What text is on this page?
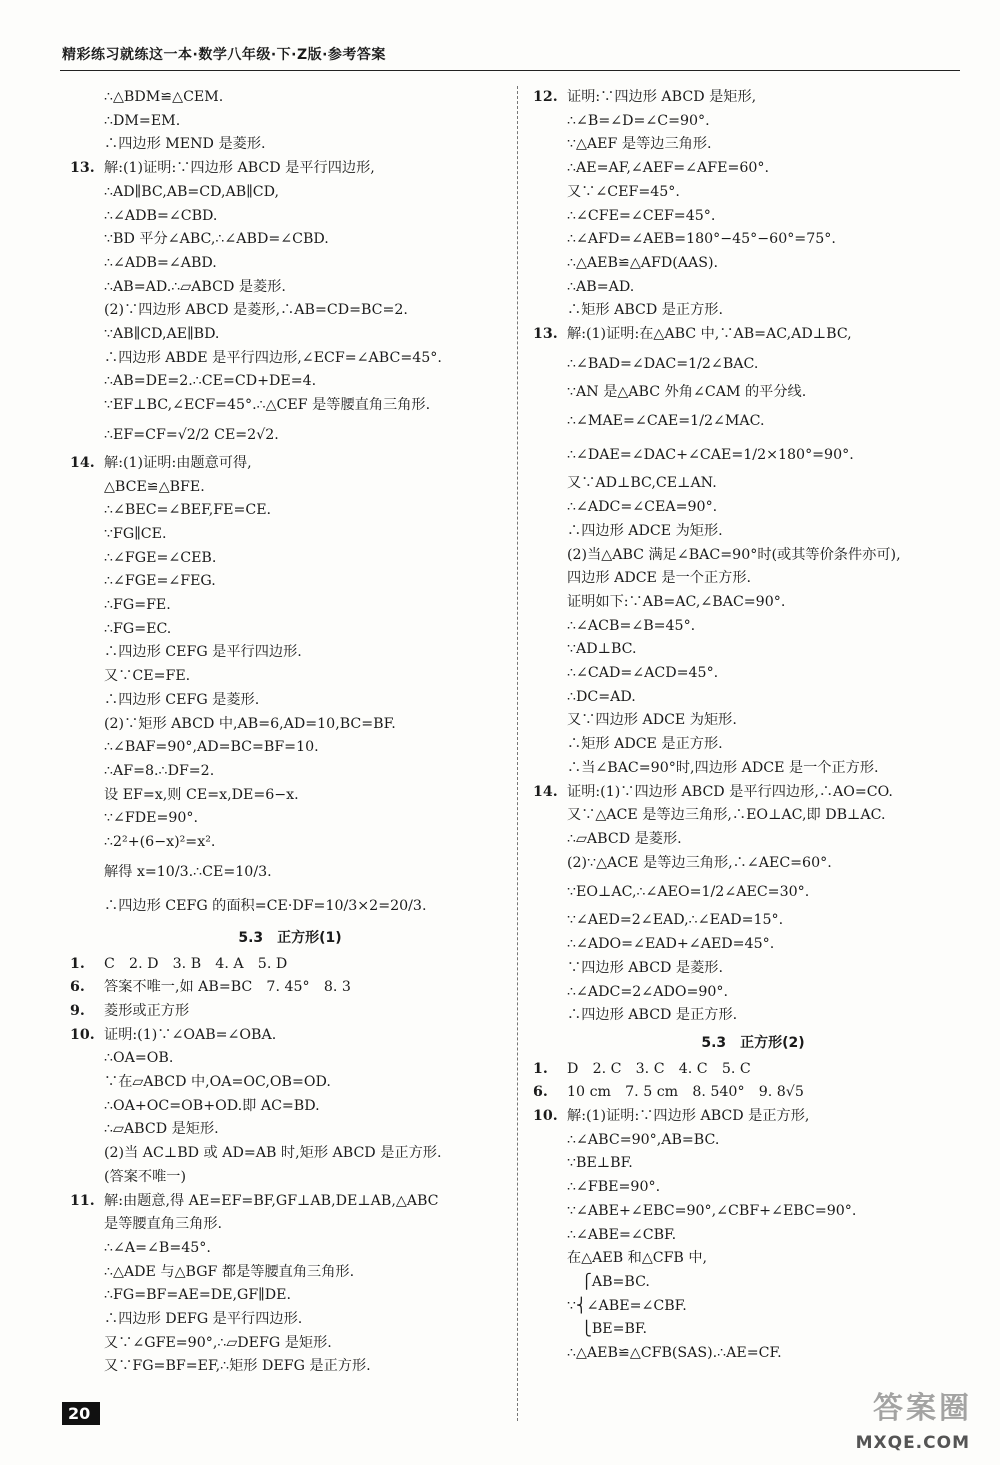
精彩练习就练这一本·数学八年级·下·Z版·参考答案
∴△BDM≌△CEM.
∴DM=EM.
∴四边形 MEND 是菱形.
13. 解:(1)证明:∵四边形 ABCD 是平行四边形,
∴AD∥BC,AB=CD,AB∥CD,
∴∠ADB=∠CBD.
∵BD 平分∠ABC,∴∠ABD=∠CBD.
∴∠ADB=∠ABD.
∴AB=AD.∴▱ABCD 是菱形.
(2)∵四边形 ABCD 是菱形,∴AB=CD=BC=2.
∵AB∥CD,AE∥BD.
∴四边形 ABDE 是平行四边形,∠ECF=∠ABC=45°.
∴AB=DE=2.∴CE=CD+DE=4.
∵EF⊥BC,∠ECF=45°.∴△CEF 是等腰直角三角形.
∴EF=CF=√2/2 CE=2√2.
14. 解:(1)证明:由题意可得,
△BCE≌△BFE.
∴∠BEC=∠BEF,FE=CE.
∵FG∥CE.
∴∠FGE=∠CEB.
∴∠FGE=∠FEG.
∴FG=FE.
∴FG=EC.
∴四边形 CEFG 是平行四边形.
又∵CE=FE.
∴四边形 CEFG 是菱形.
(2)∵矩形 ABCD 中,AB=6,AD=10,BC=BF.
∴∠BAF=90°,AD=BC=BF=10.
∴AF=8.∴DF=2.
设 EF=x,则 CE=x,DE=6−x.
∵∠FDE=90°.
∴2²+(6−x)²=x².
解得 x=10/3.∴CE=10/3.
∴四边形 CEFG 的面积=CE·DF=10/3×2=20/3.
5.3　正方形(1)
1. C　2. D　3. B　4. A　5. D
6. 答案不唯一,如 AB=BC　7. 45°　8. 3
9. 菱形或正方形
10. 证明:(1)∵∠OAB=∠OBA.
∴OA=OB.
∵在▱ABCD 中,OA=OC,OB=OD.
∴OA+OC=OB+OD.即 AC=BD.
∴▱ABCD 是矩形.
(2)当 AC⊥BD 或 AD=AB 时,矩形 ABCD 是正方形.
(答案不唯一)
11. 解:由题意,得 AE=EF=BF,GF⊥AB,DE⊥AB,△ABC
是等腰直角三角形.
∴∠A=∠B=45°.
∴△ADE 与△BGF 都是等腰直角三角形.
∴FG=BF=AE=DE,GF∥DE.
∴四边形 DEFG 是平行四边形.
又∵∠GFE=90°,∴▱DEFG 是矩形.
又∵FG=BF=EF,∴矩形 DEFG 是正方形.
12. 证明:∵四边形 ABCD 是矩形,
∴∠B=∠D=∠C=90°.
∵△AEF 是等边三角形.
∴AE=AF,∠AEF=∠AFE=60°.
又∵∠CEF=45°.
∴∠CFE=∠CEF=45°.
∴∠AFD=∠AEB=180°−45°−60°=75°.
∴△AEB≌△AFD(AAS).
∴AB=AD.
∴矩形 ABCD 是正方形.
13. 解:(1)证明:在△ABC 中,∵AB=AC,AD⊥BC,
∴∠BAD=∠DAC=1/2∠BAC.
∵AN 是△ABC 外角∠CAM 的平分线.
∴∠MAE=∠CAE=1/2∠MAC.
∴∠DAE=∠DAC+∠CAE=1/2×180°=90°.
又∵AD⊥BC,CE⊥AN.
∴∠ADC=∠CEA=90°.
∴四边形 ADCE 为矩形.
(2)当△ABC 满足∠BAC=90°时(或其等价条件亦可),
四边形 ADCE 是一个正方形.
证明如下:∵AB=AC,∠BAC=90°.
∴∠ACB=∠B=45°.
∵AD⊥BC.
∴∠CAD=∠ACD=45°.
∴DC=AD.
又∵四边形 ADCE 为矩形.
∴矩形 ADCE 是正方形.
∴当∠BAC=90°时,四边形 ADCE 是一个正方形.
14. 证明:(1)∵四边形 ABCD 是平行四边形,∴AO=CO.
又∵△ACE 是等边三角形,∴EO⊥AC,即 DB⊥AC.
∴▱ABCD 是菱形.
(2)∵△ACE 是等边三角形,∴∠AEC=60°.
∵EO⊥AC,∴∠AEO=1/2∠AEC=30°.
∵∠AED=2∠EAD,∴∠EAD=15°.
∴∠ADO=∠EAD+∠AED=45°.
∵四边形 ABCD 是菱形.
∴∠ADC=2∠ADO=90°.
∴四边形 ABCD 是正方形.
5.3　正方形(2)
1. D　2. C　3. C　4. C　5. C
6. 10 cm　7. 5 cm　8. 540°　9. 8√5
10. 解:(1)证明:∵四边形 ABCD 是正方形,
∴∠ABC=90°,AB=BC.
∵BE⊥BF.
∴∠FBE=90°.
∵∠ABE+∠EBC=90°,∠CBF+∠EBC=90°.
∴∠ABE=∠CBF.
在△AEB 和△CFB 中,
　⎧AB=BC.
∵⎨∠ABE=∠CBF.
　⎩BE=BF.
∴△AEB≌△CFB(SAS).∴AE=CF.
20	答案圈
MXQE.COM
